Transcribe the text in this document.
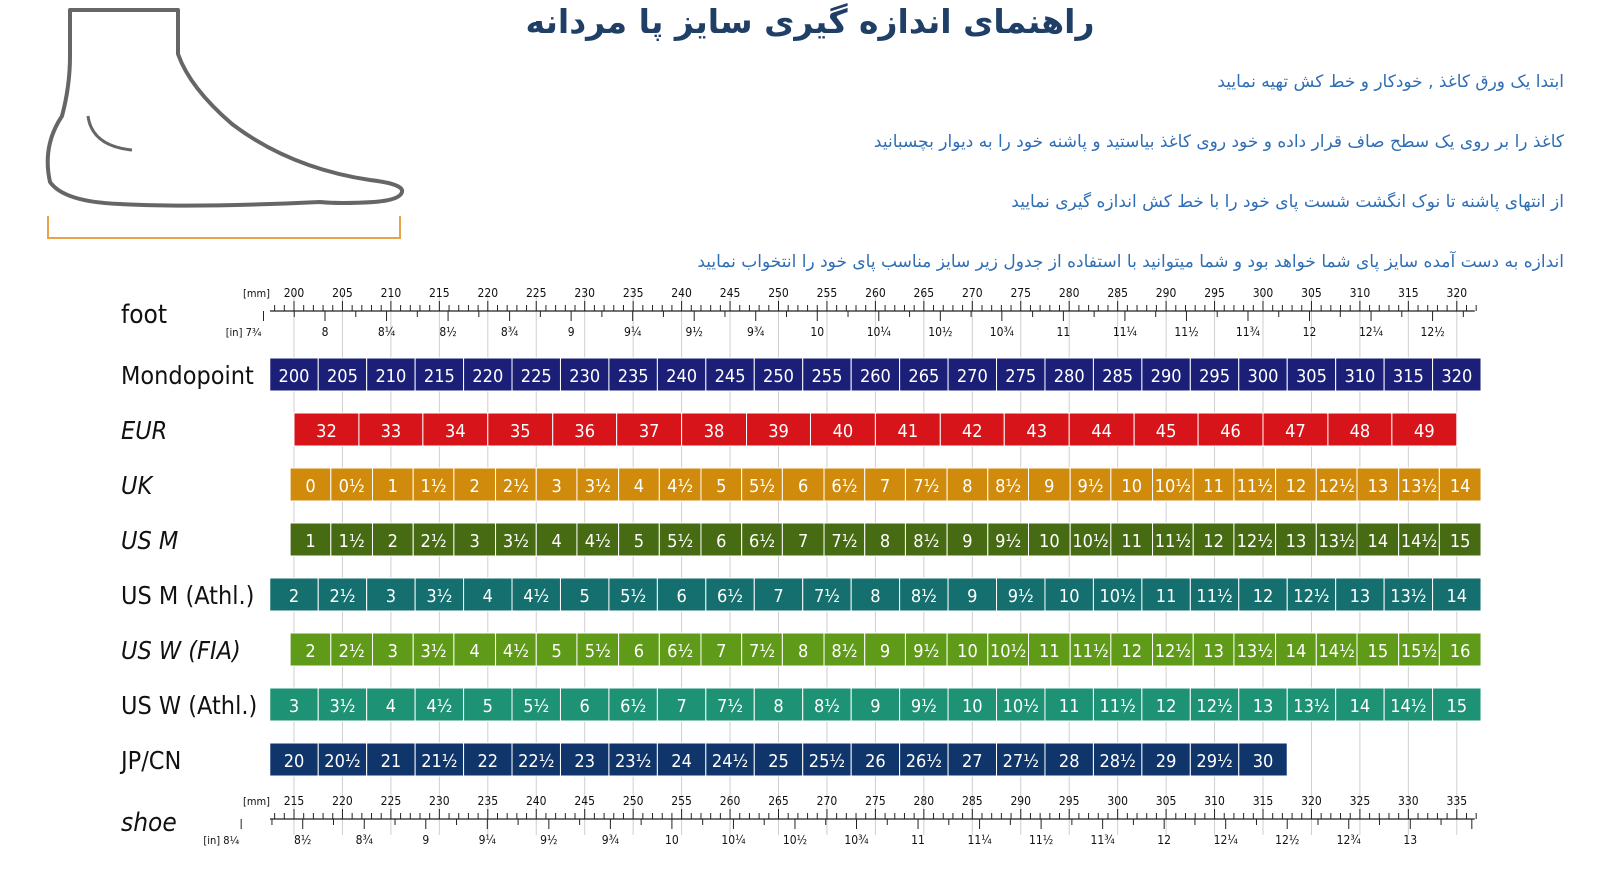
راهنمای اندازه گیری سایز پا مردانه
ابتدا یک ورق کاغذ , خودکار و خط کش تهیه نمایید
کاغذ را بر روی یک سطح صاف قرار داده و خود روی کاغذ بیاستید و پاشنه خود را به دیوار بچسبانید
از انتهای پاشنه تا نوک انگشت شست پای خود را با خط کش اندازه گیری نمایید
اندازه به دست آمده سایز پای شما خواهد بود و شما میتوانید با استفاده از جدول زیر سایز مناسب پای خود را انتخواب نمایید
foot
200 205 210 215 220 225 230 235 240 245 250 255 260 265 270 275 280 285 290 295 300 305 310 315 320
[mm]
[in] 7¾	8	8¼	8½	8¾	9	9¼	9½	9¾	10	10¼	10½	10¾	11	11¼	11½	11¾	12	12¼	12½
Mondopoint 200 205 210 215 220 225 230 235 240 245 250 255 260 265 270 275 280 285 290 295 300 305 310 315 320
EUR	32 33 34 35 36 37 38 39 40 41 42 43 44 45 46 47 48 49
UK	0 0½ 1 1½ 2 2½ 3 3½ 4 4½ 5 5½ 6 6½ 7 7½ 8 8½ 9 9½ 10 10½ 11 11½ 12 12½ 13 13½ 14
US M	1 1½ 2 2½ 3 3½ 4 4½ 5 5½ 6 6½ 7 7½ 8 8½ 9 9½ 10 10½ 11 11½ 12 12½ 13 13½ 14 14½ 15
US M (Athl.) 2 2½ 3 3½ 4 4½ 5 5½ 6 6½ 7 7½ 8 8½ 9 9½ 10 10½ 11 11½ 12 12½ 13 13½ 14
US W (FIA)	2 2½ 3 3½ 4 4½ 5 5½ 6 6½ 7 7½ 8 8½ 9 9½ 10 10½ 11 11½ 12 12½ 13 13½ 14 14½ 15 15½ 16
US W (Athl.) 3 3½ 4 4½ 5 5½ 6 6½ 7 7½ 8 8½ 9 9½ 10 10½ 11 11½ 12 12½ 13 13½ 14 14½ 15
JP/CN	20 20½ 21 21½ 22 22½ 23 23½ 24 24½ 25 25½ 26 26½ 27 27½ 28 28½ 29 29½ 30
shoe
215 220 225 230 235 240 245 250 255 260 265 270 275 280 285 290 295 300 305 310 315 320 325 330 335
[mm]
[in] 8¼	8½	8¾	9	9¼	9½	9¾	10	10¼	10½	10¾	11	11¼	11½	11¾	12	12¼	12½	12¾	13
